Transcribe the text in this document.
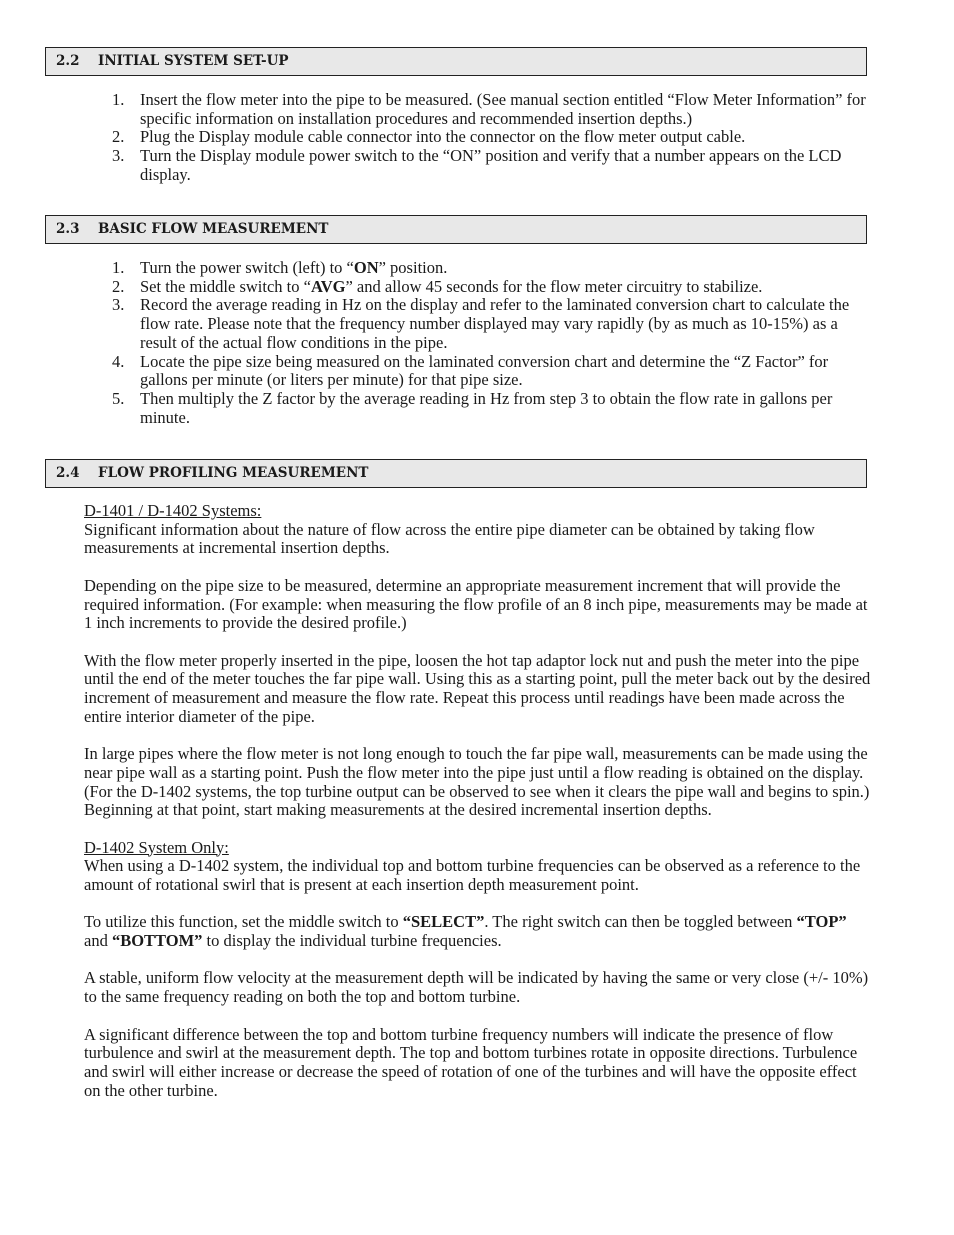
2.2 INITIAL SYSTEM SET-UP
1. Insert the flow meter into the pipe to be measured. (See manual section entitled “Flow Meter Information” for specific information on installation procedures and recommended insertion depths.)
2. Plug the Display module cable connector into the connector on the flow meter output cable.
3. Turn the Display module power switch to the “ON” position and verify that a number appears on the LCD display.
2.3 BASIC FLOW MEASUREMENT
1. Turn the power switch (left) to “ON” position.
2. Set the middle switch to “AVG” and allow 45 seconds for the flow meter circuitry to stabilize.
3. Record the average reading in Hz on the display and refer to the laminated conversion chart to calculate the flow rate. Please note that the frequency number displayed may vary rapidly (by as much as 10-15%) as a result of the actual flow conditions in the pipe.
4. Locate the pipe size being measured on the laminated conversion chart and determine the “Z Factor” for gallons per minute (or liters per minute) for that pipe size.
5. Then multiply the Z factor by the average reading in Hz from step 3 to obtain the flow rate in gallons per minute.
2.4 FLOW PROFILING MEASUREMENT
D-1401 / D-1402 Systems:

Significant information about the nature of flow across the entire pipe diameter can be obtained by taking flow measurements at incremental insertion depths.

Depending on the pipe size to be measured, determine an appropriate measurement increment that will provide the required information. (For example: when measuring the flow profile of an 8 inch pipe, measurements may be made at 1 inch increments to provide the desired profile.)

With the flow meter properly inserted in the pipe, loosen the hot tap adaptor lock nut and push the meter into the pipe until the end of the meter touches the far pipe wall. Using this as a starting point, pull the meter back out by the desired increment of measurement and measure the flow rate. Repeat this process until readings have been made across the entire interior diameter of the pipe.

In large pipes where the flow meter is not long enough to touch the far pipe wall, measurements can be made using the near pipe wall as a starting point. Push the flow meter into the pipe just until a flow reading is obtained on the display. (For the D-1402 systems, the top turbine output can be observed to see when it clears the pipe wall and begins to spin.) Beginning at that point, start making measurements at the desired incremental insertion depths.

D-1402 System Only:

When using a D-1402 system, the individual top and bottom turbine frequencies can be observed as a reference to the amount of rotational swirl that is present at each insertion depth measurement point.

To utilize this function, set the middle switch to “SELECT”. The right switch can then be toggled between “TOP” and “BOTTOM” to display the individual turbine frequencies.

A stable, uniform flow velocity at the measurement depth will be indicated by having the same or very close (+/- 10%) to the same frequency reading on both the top and bottom turbine.

A significant difference between the top and bottom turbine frequency numbers will indicate the presence of flow turbulence and swirl at the measurement depth. The top and bottom turbines rotate in opposite directions. Turbulence and swirl will either increase or decrease the speed of rotation of one of the turbines and will have the opposite effect on the other turbine.
